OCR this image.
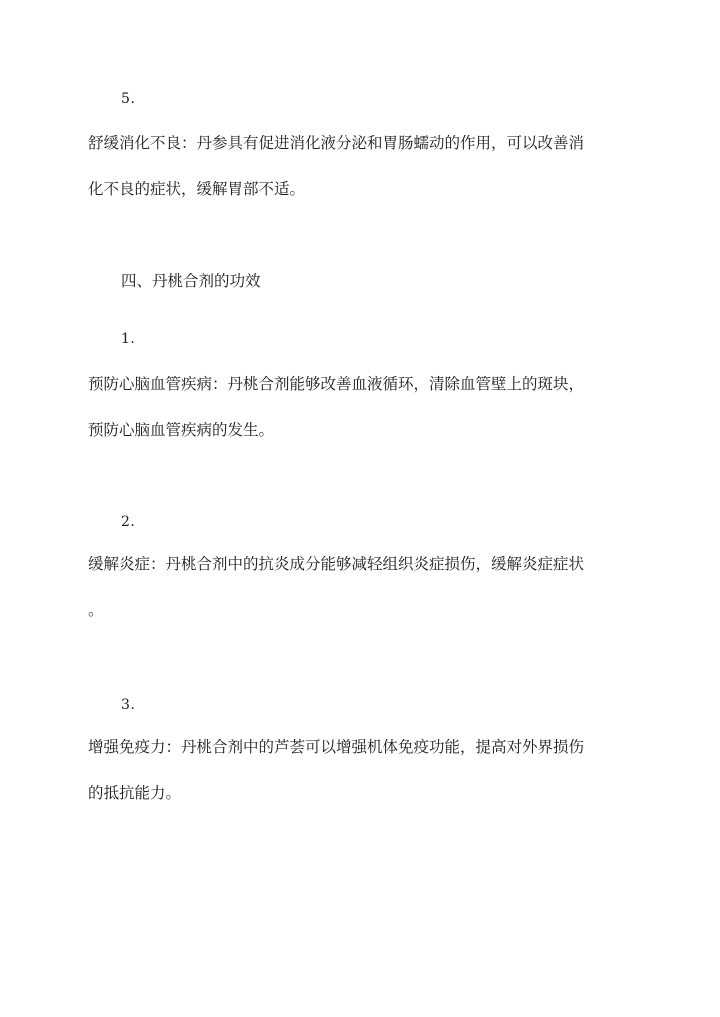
5.
舒缓消化不良：丹参具有促进消化液分泌和胃肠蠕动的作用，可以改善消
化不良的症状，缓解胃部不适。
四、丹桃合剂的功效
1.
预防心脑血管疾病：丹桃合剂能够改善血液循环，清除血管壁上的斑块，
预防心脑血管疾病的发生。
2.
缓解炎症：丹桃合剂中的抗炎成分能够减轻组织炎症损伤，缓解炎症症状
。
3.
增强免疫力：丹桃合剂中的芦荟可以增强机体免疫功能，提高对外界损伤
的抵抗能力。
